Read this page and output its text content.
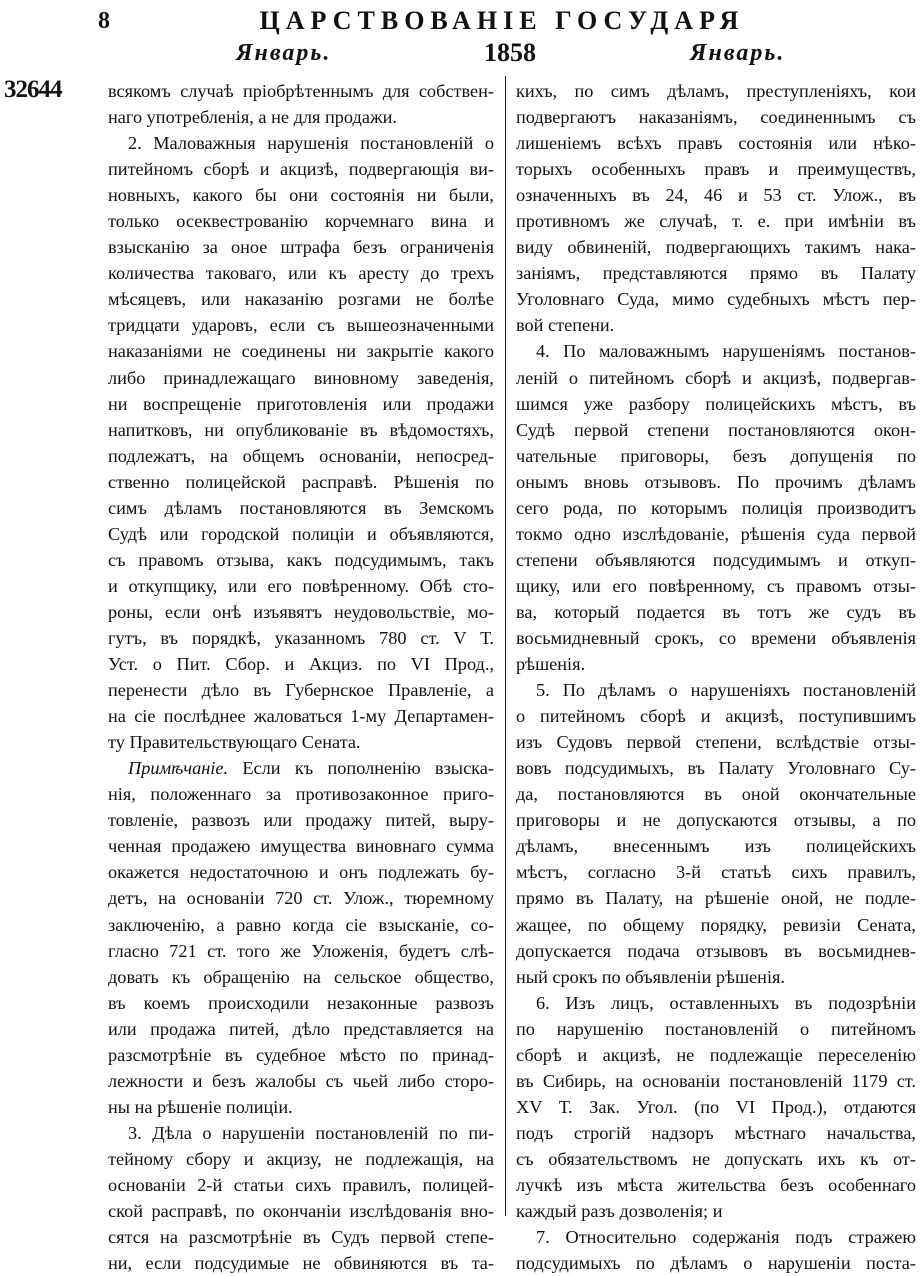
8	ЦАРСТВОВАНІЕ ГОСУДАРЯ
Январь.	1858	Январь.
32644	всякомъ случаѣ пріобрѣтеннымъ для собствен-
наго употребленія, а не для продажи.
2. Маловажныя нарушенія постановленій о
питейномъ сборѣ и акцизѣ, подвергающія ви-
новныхъ, какого бы они состоянія ни были,
только осеквестрованію корчемнаго вина и
взысканію за оное штрафа безъ ограниченія
количества таковаго, или къ аресту до трехъ
мѣсяцевъ, или наказанію розгами не болѣе
тридцати ударовъ, если съ вышеозначенными
наказаніями не соединены ни закрытіе какого
либо принадлежащаго виновному заведенія,
ни воспрещеніе приготовленія или продажи
напитковъ, ни опубликованіе въ вѣдомостяхъ,
подлежатъ, на общемъ основаніи, непосред-
ственно полицейской расправѣ. Рѣшенія по
симъ дѣламъ постановляются въ Земскомъ
Судѣ или городской полиціи и объявляются,
съ правомъ отзыва, какъ подсудимымъ, такъ
и откупщику, или его повѣренному. Обѣ сто-
роны, если онѣ изъявятъ неудовольствіе, мо-
гутъ, въ порядкѣ, указанномъ 780 ст. V Т.
Уст. о Пит. Сбор. и Акциз. по VI Прод.,
перенести дѣло въ Губернское Правленіе, а
на сіе послѣднее жаловаться 1-му Департамен-
ту Правительствующаго Сената.
Примѣчаніе. Если къ пополненію взыска-
нія, положеннаго за противозаконное приго-
товленіе, развозъ или продажу питей, выру-
ченная продажею имущества виновнаго сумма
окажется недостаточною и онъ подлежать бу-
детъ, на основаніи 720 ст. Улож., тюремному
заключенію, а равно когда сіе взысканіе, со-
гласно 721 ст. того же Уложенія, будетъ слѣ-
довать къ обращенію на сельское общество,
въ коемъ происходили незаконные развозъ
или продажа питей, дѣло представляется на
разсмотрѣніе въ судебное мѣсто по принад-
лежности и безъ жалобы съ чьей либо сторо-
ны на рѣшеніе полиціи.
3. Дѣла о нарушеніи постановленій по пи-
тейному сбору и акцизу, не подлежащія, на
основаніи 2-й статьи сихъ правилъ, полицей-
ской расправѣ, по окончаніи изслѣдованія вно-
сятся на разсмотрѣніе въ Судъ первой степе-
ни, если подсудимые не обвиняются въ та-
кихъ, по симъ дѣламъ, преступленіяхъ, кои
подвергаютъ наказаніямъ, соединеннымъ съ
лишеніемъ всѣхъ правъ состоянія или нѣко-
торыхъ особенныхъ правъ и преимуществъ,
означенныхъ въ 24, 46 и 53 ст. Улож., въ
противномъ же случаѣ, т. е. при имѣніи въ
виду обвиненій, подвергающихъ такимъ нака-
заніямъ, представляются прямо въ Палату
Уголовнаго Суда, мимо судебныхъ мѣстъ пер-
вой степени.
4. По маловажнымъ нарушеніямъ постанов-
леній о питейномъ сборѣ и акцизѣ, подвергав-
шимся уже разбору полицейскихъ мѣстъ, въ
Судѣ первой степени постановляются окон-
чательные приговоры, безъ допущенія по
онымъ вновь отзывовъ. По прочимъ дѣламъ
сего рода, по которымъ полиція производитъ
токмо одно изслѣдованіе, рѣшенія суда первой
степени объявляются подсудимымъ и откуп-
щику, или его повѣренному, съ правомъ отзы-
ва, который подается въ тотъ же судъ въ
восьмидневный срокъ, со времени объявленія
рѣшенія.
5. По дѣламъ о нарушеніяхъ постановленій
о питейномъ сборѣ и акцизѣ, поступившимъ
изъ Судовъ первой степени, вслѣдствіе отзы-
вовъ подсудимыхъ, въ Палату Уголовнаго Су-
да, постановляются въ оной окончательные
приговоры и не допускаются отзывы, а по
дѣламъ, внесеннымъ изъ полицейскихъ
мѣстъ, согласно 3-й статьѣ сихъ правилъ,
прямо въ Палату, на рѣшеніе оной, не подле-
жащее, по общему порядку, ревизіи Сената,
допускается подача отзывовъ въ восьмиднев-
ный срокъ по объявленіи рѣшенія.
6. Изъ лицъ, оставленныхъ въ подозрѣніи
по нарушенію постановленій о питейномъ
сборѣ и акцизѣ, не подлежащіе переселенію
въ Сибирь, на основаніи постановленій 1179 ст.
XV Т. Зак. Угол. (по VI Прод.), отдаются
подъ строгій надзоръ мѣстнаго начальства,
съ обязательствомъ не допускать ихъ къ от-
лучкѣ изъ мѣста жительства безъ особеннаго
каждый разъ дозволенія; и
7. Относительно содержанія подъ стражею
подсудимыхъ по дѣламъ о нарушеніи поста-
